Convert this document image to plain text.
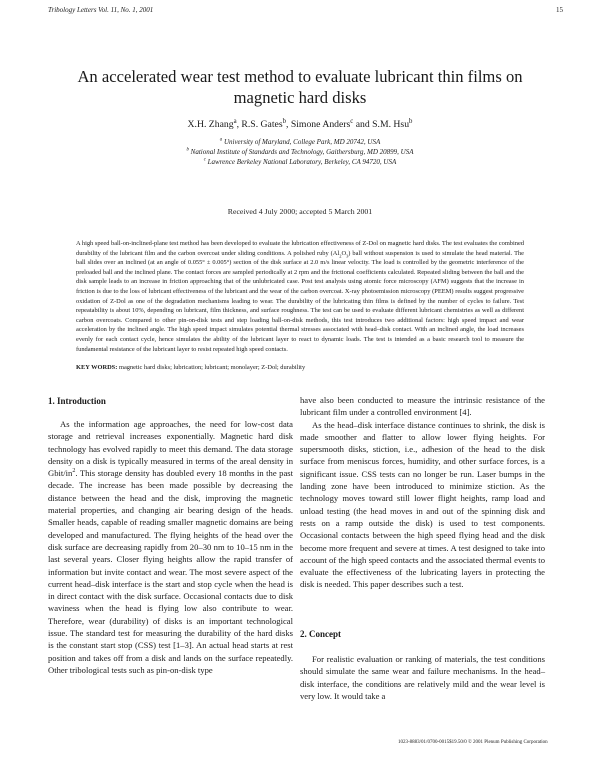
Tribology Letters Vol. 11, No. 1, 2001	15
An accelerated wear test method to evaluate lubricant thin films on magnetic hard disks
X.H. Zhang$^a$, R.S. Gates$^b$, Simone Anders$^c$ and S.M. Hsu$^b$
$^a$ University of Maryland, College Park, MD 20742, USA
$^b$ National Institute of Standards and Technology, Gaithersburg, MD 20899, USA
$^c$ Lawrence Berkeley National Laboratory, Berkeley, CA 94720, USA
Received 4 July 2000; accepted 5 March 2001
A high speed ball-on-inclined-plane test method has been developed to evaluate the lubrication effectiveness of Z-Dol on magnetic hard disks. The test evaluates the combined durability of the lubricant film and the carbon overcoat under sliding conditions. A polished ruby $(Al_2O_3)$ ball without suspension is used to simulate the head material. The ball slides over an inclined (at an angle of 0.055° ± 0.005°) section of the disk surface at 2.0 m/s linear velocity. The load is controlled by the geometric interference of the preloaded ball and the inclined plane. The contact forces are sampled periodically at 2 rpm and the frictional coefficients calculated. Repeated sliding between the ball and the disk sample leads to an increase in friction approaching that of the unlubricated case. Post test analysis using atomic force microscopy (AFM) suggests that the increase in friction is due to the loss of lubricant effectiveness of the lubricant and the wear of the carbon overcoat. X-ray photoemission microscopy (PEEM) results suggest progressive oxidation of Z-Dol as one of the degradation mechanisms leading to wear. The durability of the lubricating thin films is defined by the number of cycles to failure. Test repeatability is about 10%, depending on lubricant, film thickness, and surface roughness. The test can be used to evaluate different lubricant chemistries as well as different carbon overcoats. Compared to other pin-on-disk tests and step loading ball-on-disk methods, this test introduces two additional factors: high speed impact and wear acceleration by the inclined angle. The high speed impact simulates potential thermal stresses associated with head–disk contact. With an inclined angle, the load increases evenly for each contact cycle, hence simulates the ability of the lubricant layer to react to dynamic loads. The test is intended as a basic research tool to measure the fundamental resistance of the lubricant layer to resist repeated high speed contacts.
KEY WORDS: magnetic hard disks; lubrication; lubricant; monolayer; Z-Dol; durability
1. Introduction

As the information age approaches, the need for low-cost data storage and retrieval increases exponentially. Magnetic hard disk technology has evolved rapidly to meet this demand. The data storage density on a disk is typically measured in terms of the areal density in Gbit/$in^2$. This storage density has doubled every 18 months in the past decade. The increase has been made possible by decreasing the distance between the head and the disk, improving the magnetic material properties, and changing air bearing design of the heads. Smaller heads, capable of reading smaller magnetic domains are being developed and manufactured. The flying heights of the head over the disk surface are decreasing rapidly from 20–30 nm to 10–15 nm in the last several years. Closer flying heights allow the rapid transfer of information but invite contact and wear. The most severe aspect of the current head–disk interface is the start and stop cycle when the head is in direct contact with the disk surface. Occasional contacts due to disk waviness when the head is flying low also contribute to wear. Therefore, wear (durability) of disks is an important technological issue. The standard test for measuring the durability of the hard disks is the constant start stop (CSS) test [1–3]. An actual head starts at rest position and takes off from a disk and lands on the surface repeatedly. Other tribological tests such as pin-on-disk type

have also been conducted to measure the intrinsic resistance of the lubricant film under a controlled environment [4].

As the head–disk interface distance continues to shrink, the disk is made smoother and flatter to allow lower flying heights. For supersmooth disks, stiction, i.e., adhesion of the head to the disk surface from meniscus forces, humidity, and other surface forces, is a significant issue. CSS tests can no longer be run. Laser bumps in the landing zone have been introduced to minimize stiction. As the technology moves toward still lower flight heights, ramp load and unload testing (the head moves in and out of the spinning disk and rests on a ramp outside the disk) is used to test components. Occasional contacts between the high speed flying head and the disk become more frequent and severe at times. A test designed to take into account of the high speed contacts and the associated thermal events to evaluate the effectiveness of the lubricating layers in protecting the disk is needed. This paper describes such a test.

2. Concept

For realistic evaluation or ranking of materials, the test conditions should simulate the same wear and failure mechanisms. In the head–disk interface, the conditions are relatively mild and the wear level is very low. It would take a

1023-8883/01/0700-0015$19.50/0 © 2001 Plenum Publishing Corporation
